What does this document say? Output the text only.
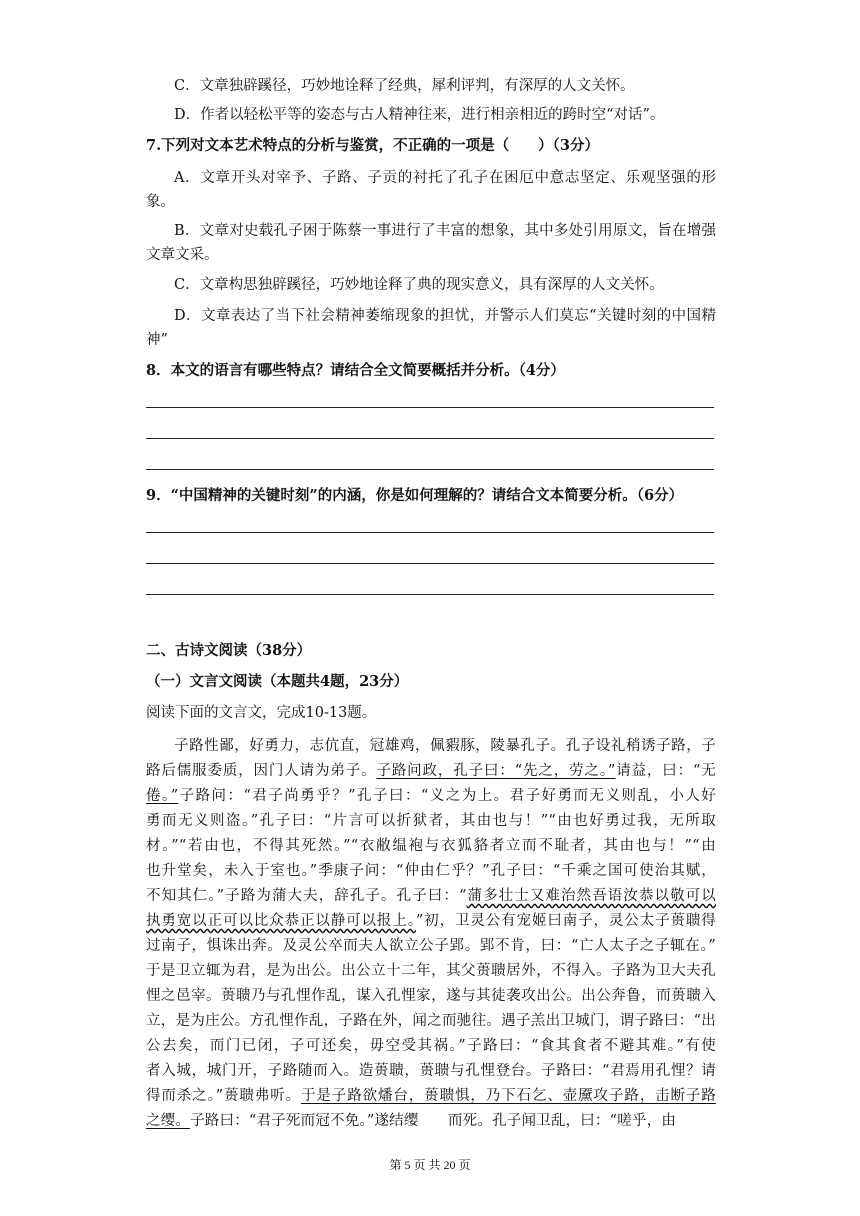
C．文章独辟蹊径，巧妙地诠释了经典，犀利评判，有深厚的人文关怀。
D．作者以轻松平等的姿态与古人精神往来，进行相亲相近的跨时空“对话”。
7.下列对文本艺术特点的分析与鉴赏，不正确的一项是（　　）（3分）
A．文章开头对宰予、子路、子贡的衬托了孔子在困厄中意志坚定、乐观坚强的形象。
B．文章对史载孔子困于陈蔡一事进行了丰富的想象，其中多处引用原文，旨在增强文章文采。
C．文章构思独辟蹊径，巧妙地诠释了典的现实意义，具有深厚的人文关怀。
D．文章表达了当下社会精神萎缩现象的担忧，并警示人们莫忘“关键时刻的中国精神”
8．本文的语言有哪些特点？请结合全文简要概括并分析。（4分）
9．“中国精神的关键时刻”的内涵，你是如何理解的？请结合文本简要分析。（6分）
二、古诗文阅读（38分）
（一）文言文阅读（本题共4题，23分）
阅读下面的文言文，完成10-13题。
子路性鄙，好勇力，志伉直，冠雄鸡，佩豭豚，陵暴孔子。孔子设礼稍诱子路，子
路后儒服委质，因门人请为弟子。子路问政，孔子曰：“先之，劳之。”请益，曰：“无
倦。”子路问：“君子尚勇乎？”孔子曰：“义之为上。君子好勇而无义则乱，小人好
勇而无义则盗。”孔子曰：“片言可以折狱者，其由也与！”“由也好勇过我，无所取
材。”“若由也，不得其死然。”“衣敝缊袍与衣狐貉者立而不耻者，其由也与！”“由
也升堂矣，未入于室也。”季康子问：“仲由仁乎？”孔子曰：“千乘之国可使治其赋，
不知其仁。”子路为蒲大夫，辞孔子。孔子曰：“蒲多壮士又难治然吾语汝恭以敬可以
执勇宽以正可以比众恭正以静可以报上。”初，卫灵公有宠姬曰南子，灵公太子蒉聩得
过南子，惧诛出奔。及灵公卒而夫人欲立公子郢。郢不肯，曰：“亡人太子之子辄在。”
于是卫立辄为君，是为出公。出公立十二年，其父蒉聩居外，不得入。子路为卫大夫孔
悝之邑宰。蒉聩乃与孔悝作乱，谋入孔悝家，遂与其徒袭攻出公。出公奔鲁，而蒉聩入
立，是为庄公。方孔悝作乱，子路在外，闻之而驰往。遇子羔出卫城门，谓子路曰：“出
公去矣，而门已闭，子可还矣，毋空受其祸。”子路曰：“食其食者不避其难。”有使
者入城，城门开，子路随而入。造蒉聩，蒉聩与孔悝登台。子路曰：“君焉用孔悝？请
得而杀之。”蒉聩弗听。于是子路欲燔台，蒉聩惧，乃下石乞、壶黡攻子路，击断子路
之缨。子路曰：“君子死而冠不免。”遂结缨　　而死。孔子闻卫乱，曰：“嗟乎，由
第 5 页 共 20 页
